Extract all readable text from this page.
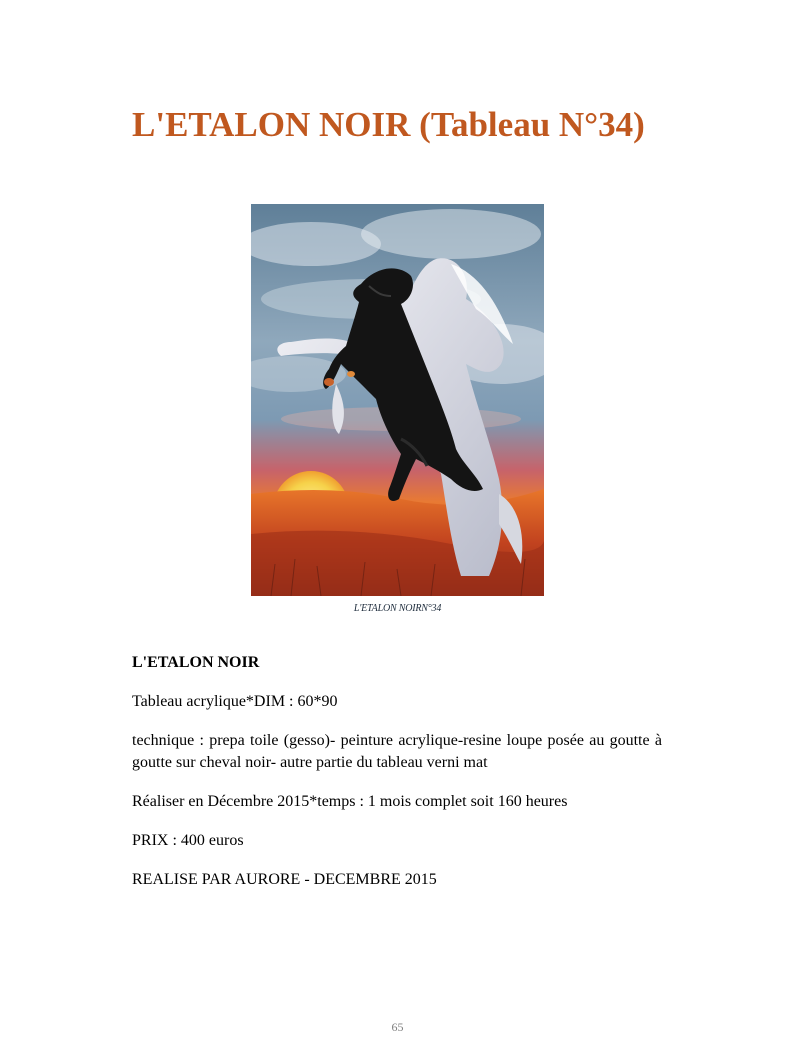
L'ETALON NOIR (Tableau N°34)
L'ETALON NOIRN°34

L'ETALON NOIR

Tableau acrylique*DIM : 60*90

technique : prepa toile (gesso)- peinture acrylique-resine loupe posée au goutte à goutte sur cheval noir- autre partie du tableau verni mat

Réaliser en Décembre 2015*temps : 1 mois complet soit 160 heures

PRIX : 400 euros

REALISE PAR AURORE - DECEMBRE 2015

65
